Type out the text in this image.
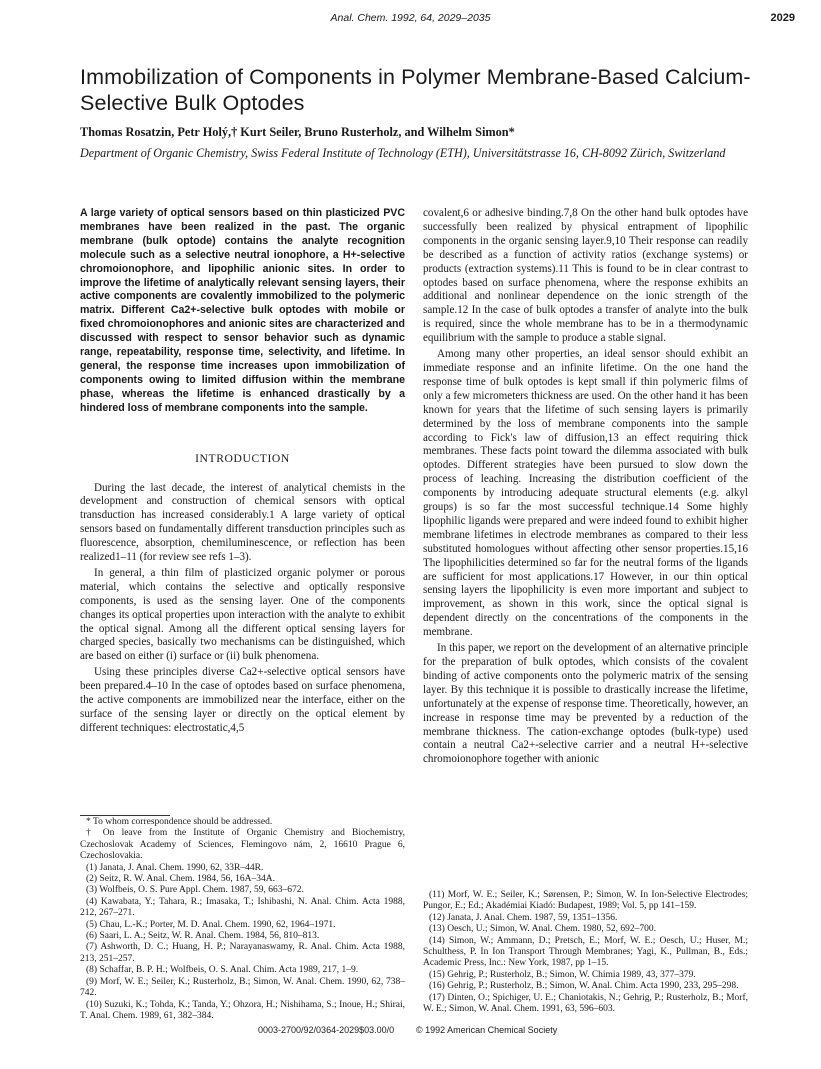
Anal. Chem. 1992, 64, 2029–2035	2029
Immobilization of Components in Polymer Membrane-Based Calcium-Selective Bulk Optodes
Thomas Rosatzin, Petr Holý,† Kurt Seiler, Bruno Rusterholz, and Wilhelm Simon*
Department of Organic Chemistry, Swiss Federal Institute of Technology (ETH), Universitätstrasse 16, CH-8092 Zürich, Switzerland

A large variety of optical sensors based on thin plasticized PVC membranes have been realized in the past. The organic membrane (bulk optode) contains the analyte recognition molecule such as a selective neutral ionophore, a H+-selective chromoionophore, and lipophilic anionic sites. In order to improve the lifetime of analytically relevant sensing layers, their active components are covalently immobilized to the polymeric matrix. Different Ca2+-selective bulk optodes with mobile or fixed chromoionophores and anionic sites are characterized and discussed with respect to sensor behavior such as dynamic range, repeatability, response time, selectivity, and lifetime. In general, the response time increases upon immobilization of components owing to limited diffusion within the membrane phase, whereas the lifetime is enhanced drastically by a hindered loss of membrane components into the sample.

INTRODUCTION

During the last decade, the interest of analytical chemists in the development and construction of chemical sensors with optical transduction has increased considerably.1 A large variety of optical sensors based on fundamentally different transduction principles such as fluorescence, absorption, chemiluminescence, or reflection has been realized1–11 (for review see refs 1–3).

In general, a thin film of plasticized organic polymer or porous material, which contains the selective and optically responsive components, is used as the sensing layer. One of the components changes its optical properties upon interaction with the analyte to exhibit the optical signal. Among all the different optical sensing layers for charged species, basically two mechanisms can be distinguished, which are based on either (i) surface or (ii) bulk phenomena.

Using these principles diverse Ca2+-selective optical sensors have been prepared.4–10 In the case of optodes based on surface phenomena, the active components are immobilized near the interface, either on the surface of the sensing layer or directly on the optical element by different techniques: electrostatic,4,5

covalent,6 or adhesive binding.7,8 On the other hand bulk optodes have successfully been realized by physical entrapment of lipophilic components in the organic sensing layer.9,10 Their response can readily be described as a function of activity ratios (exchange systems) or products (extraction systems).11 This is found to be in clear contrast to optodes based on surface phenomena, where the response exhibits an additional and nonlinear dependence on the ionic strength of the sample.12 In the case of bulk optodes a transfer of analyte into the bulk is required, since the whole membrane has to be in a thermodynamic equilibrium with the sample to produce a stable signal.

Among many other properties, an ideal sensor should exhibit an immediate response and an infinite lifetime. On the one hand the response time of bulk optodes is kept small if thin polymeric films of only a few micrometers thickness are used. On the other hand it has been known for years that the lifetime of such sensing layers is primarily determined by the loss of membrane components into the sample according to Fick's law of diffusion,13 an effect requiring thick membranes. These facts point toward the dilemma associated with bulk optodes. Different strategies have been pursued to slow down the process of leaching. Increasing the distribution coefficient of the components by introducing adequate structural elements (e.g. alkyl groups) is so far the most successful technique.14 Some highly lipophilic ligands were prepared and were indeed found to exhibit higher membrane lifetimes in electrode membranes as compared to their less substituted homologues without affecting other sensor properties.15,16 The lipophilicities determined so far for the neutral forms of the ligands are sufficient for most applications.17 However, in our thin optical sensing layers the lipophilicity is even more important and subject to improvement, as shown in this work, since the optical signal is dependent directly on the concentrations of the components in the membrane.

In this paper, we report on the development of an alternative principle for the preparation of bulk optodes, which consists of the covalent binding of active components onto the polymeric matrix of the sensing layer. By this technique it is possible to drastically increase the lifetime, unfortunately at the expense of response time. Theoretically, however, an increase in response time may be prevented by a reduction of the membrane thickness. The cation-exchange optodes (bulk-type) used contain a neutral Ca2+-selective carrier and a neutral H+-selective chromoionophore together with anionic

* To whom correspondence should be addressed.

† On leave from the Institute of Organic Chemistry and Biochemistry, Czechoslovak Academy of Sciences, Flemingovo nám, 2, 16610 Prague 6, Czechoslovakia.

(1) Janata, J. Anal. Chem. 1990, 62, 33R–44R.

(2) Seitz, R. W. Anal. Chem. 1984, 56, 16A–34A.

(3) Wolfbeis, O. S. Pure Appl. Chem. 1987, 59, 663–672.

(4) Kawabata, Y.; Tahara, R.; Imasaka, T.; Ishibashi, N. Anal. Chim. Acta 1988, 212, 267–271.

(5) Chau, L.-K.; Porter, M. D. Anal. Chem. 1990, 62, 1964–1971.

(6) Saari, L. A.; Seitz, W. R. Anal. Chem. 1984, 56, 810–813.

(7) Ashworth, D. C.; Huang, H. P.; Narayanaswamy, R. Anal. Chim. Acta 1988, 213, 251–257.

(8) Schaffar, B. P. H.; Wolfbeis, O. S. Anal. Chim. Acta 1989, 217, 1–9.

(9) Morf, W. E.; Seiler, K.; Rusterholz, B.; Simon, W. Anal. Chem. 1990, 62, 738–742.

(10) Suzuki, K.; Tohda, K.; Tanda, Y.; Ohzora, H.; Nishihama, S.; Inoue, H.; Shirai, T. Anal. Chem. 1989, 61, 382–384.

(11) Morf, W. E.; Seiler, K.; Sørensen, P.; Simon, W. In Ion-Selective Electrodes; Pungor, E.; Ed.; Akadémiai Kiadó: Budapest, 1989; Vol. 5, pp 141–159.

(12) Janata, J. Anal. Chem. 1987, 59, 1351–1356.

(13) Oesch, U.; Simon, W. Anal. Chem. 1980, 52, 692–700.

(14) Simon, W.; Ammann, D.; Pretsch, E.; Morf, W. E.; Oesch, U.; Huser, M.; Schulthess, P. In Ion Transport Through Membranes; Yagi, K., Pullman, B., Eds.; Academic Press, Inc.: New York, 1987, pp 1–15.

(15) Gehrig, P.; Rusterholz, B.; Simon, W. Chimia 1989, 43, 377–379.

(16) Gehrig, P.; Rusterholz, B.; Simon, W. Anal. Chim. Acta 1990, 233, 295–298.

(17) Dinten, O.; Spichiger, U. E.; Chaniotakis, N.; Gehrig, P.; Rusterholz, B.; Morf, W. E.; Simon, W. Anal. Chem. 1991, 63, 596–603.

0003-2700/92/0364-2029$03.00/0 © 1992 American Chemical Society
